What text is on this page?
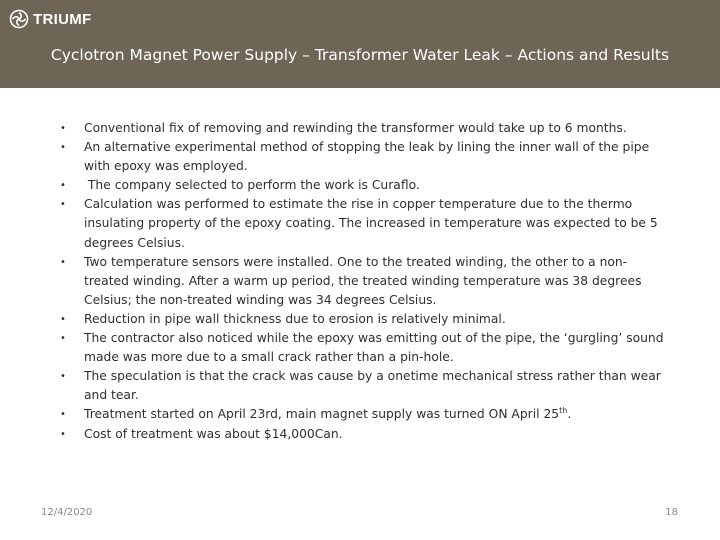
TRIUMF
Cyclotron Magnet Power Supply – Transformer Water Leak – Actions and Results
• Conventional fix of removing and rewinding the transformer would take up to 6 months.
• An alternative experimental method of stopping the leak by lining the inner wall of the pipe with epoxy was employed.
• The company selected to perform the work is Curaflo.
• Calculation was performed to estimate the rise in copper temperature due to the thermo insulating property of the epoxy coating. The increased in temperature was expected to be 5 degrees Celsius.
• Two temperature sensors were installed. One to the treated winding, the other to a non-treated winding. After a warm up period, the treated winding temperature was 38 degrees Celsius; the non-treated winding was 34 degrees Celsius.
• Reduction in pipe wall thickness due to erosion is relatively minimal.
• The contractor also noticed while the epoxy was emitting out of the pipe, the ‘gurgling’ sound made was more due to a small crack rather than a pin-hole.
• The speculation is that the crack was cause by a onetime mechanical stress rather than wear and tear.
• Treatment started on April 23rd, main magnet supply was turned ON April 25th.
• Cost of treatment was about $14,000Can.
12/4/2020	18
